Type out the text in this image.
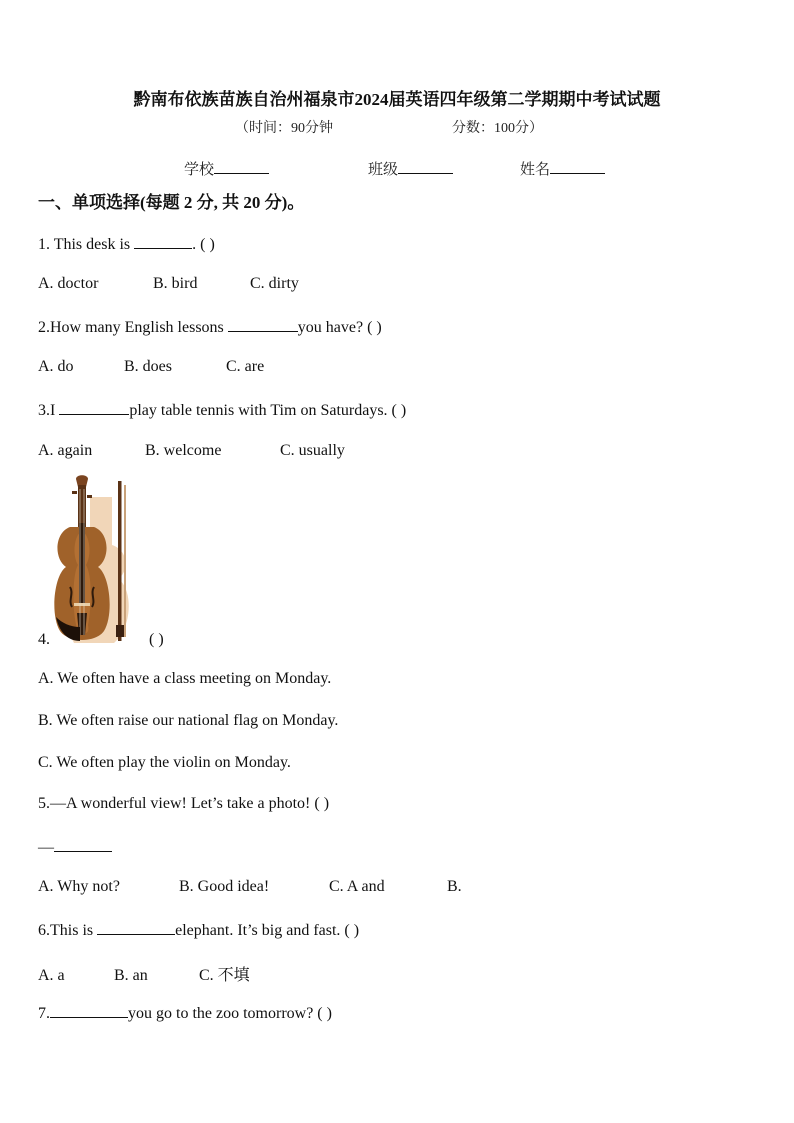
黔南布依族苗族自治州福泉市2024届英语四年级第二学期期中考试试题
（时间：90分钟	分数：100分）
学校	班级	姓名
一、单项选择(每题 2 分, 共 20 分)。
1. This desk is	. ( )
A. doctor	B. bird	C. dirty
2.How many English lessons	you have? ( )
A. do	B. does	C. are
3.I	play table tennis with Tim on Saturdays. ( )
A. again	B. welcome	C. usually
4.	( )
A. We often have a class meeting on Monday.
B. We often raise our national flag on Monday.
C. We often play the violin on Monday.
5.—A wonderful view! Let’s take a photo! ( )
—
A. Why not?	B. Good idea!	C. A and	B.
6.This is	elephant. It’s big and fast. ( )
A. a	B. an	C. 不填
7.	you go to the zoo tomorrow? ( )
